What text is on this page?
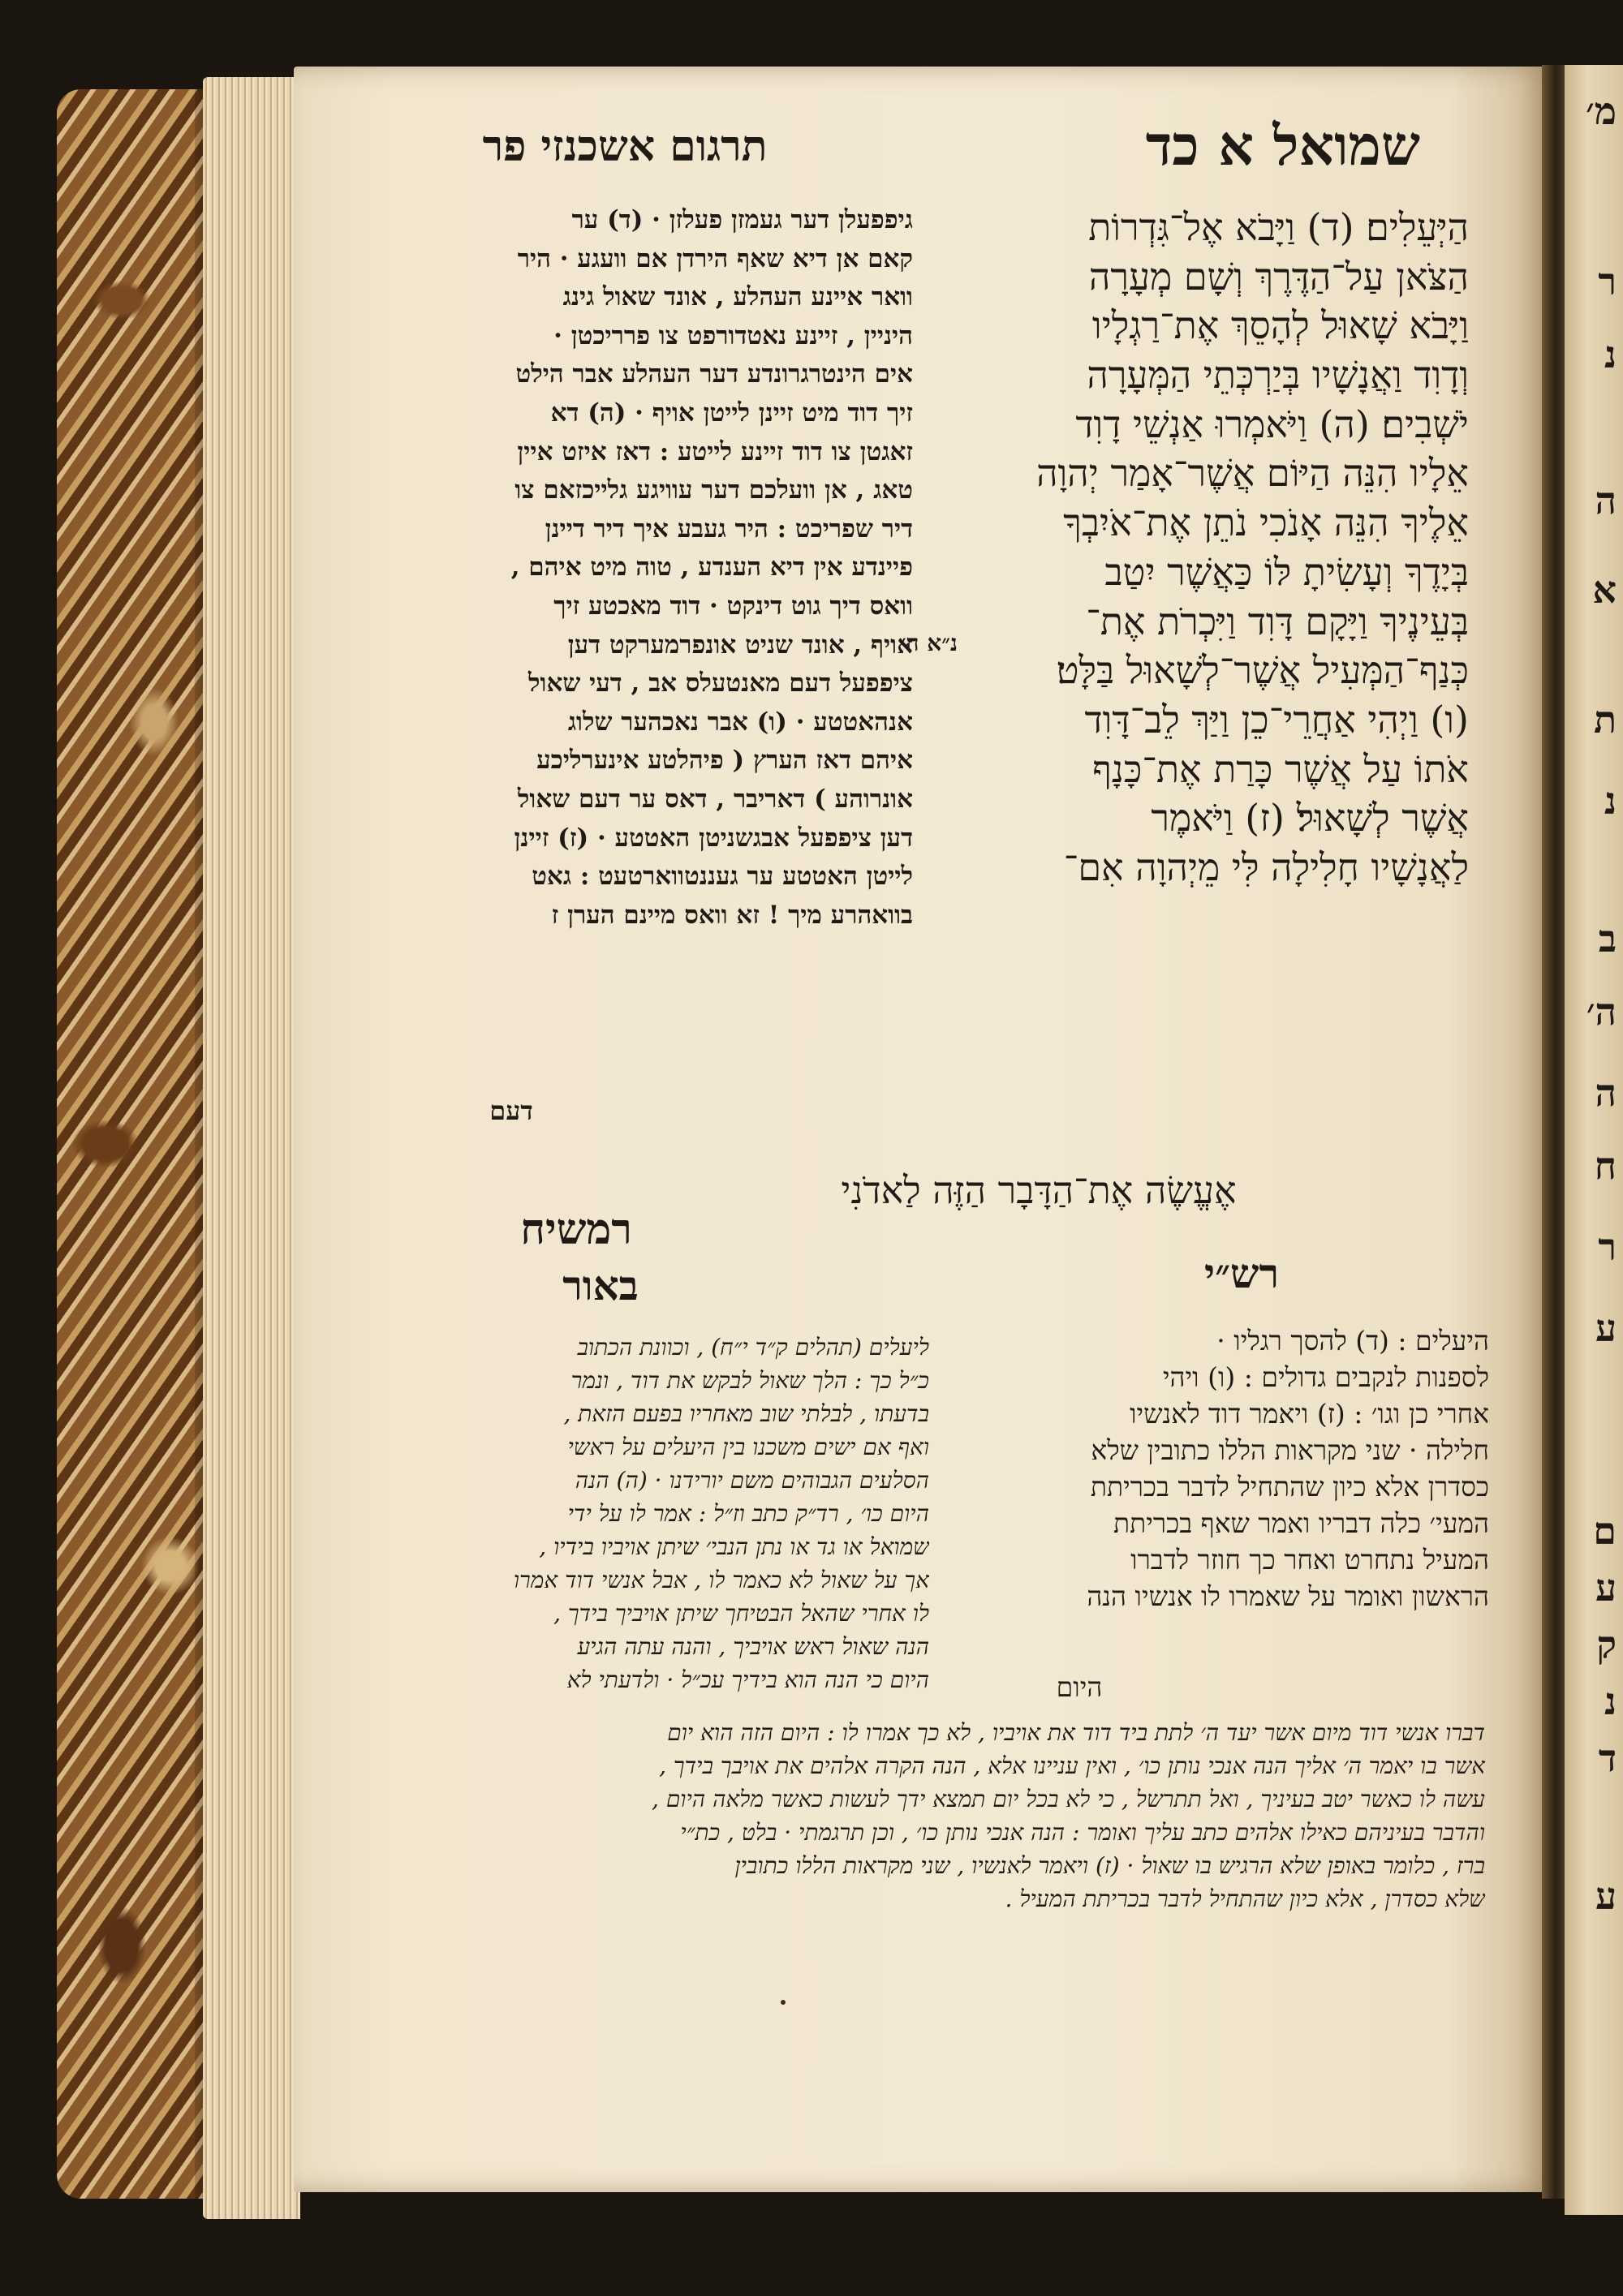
מ׳
ר
נ
ה
א
ת
נ
ב
ה׳
ה
ח
ר
ע
ם
ע
ק
נ
ד
ע
תרגום אשכנזי פר	שמואל א כד
הַיְּעֵלִים׃ (ד) וַיָּבֹא אֶל־גִּדְרוֹת
הַצֹּאן עַל־הַדֶּרֶךְ וְשָׁם מְעָרָה
וַיָּבֹא שָׁאוּל לְהָסֵךְ אֶת־רַגְלָיו
וְדָוִד וַאֲנָשָׁיו בְּיַרְכְּתֵי הַמְּעָרָה
יֹשְׁבִים׃ (ה) וַיֹּאמְרוּ אַנְשֵׁי דָוִד
אֵלָיו הִנֵּה הַיּוֹם אֲשֶׁר־אָמַר יְהוָה
אֵלֶיךָ הִנֵּה אָנֹכִי נֹתֵן אֶת־אֹיִבְךָ
בְּיָדֶךָ וְעָשִׂיתָ לּוֹ כַּאֲשֶׁר יִטַב
בְּעֵינֶיךָ וַיָּקָם דָּוִד וַיִּכְרֹת אֶת־
כְּנַף־הַמְּעִיל אֲשֶׁר־לְשָׁאוּל בַּלָּט׃
(ו) וַיְהִי אַחֲרֵי־כֵן וַיַּךְ לֵב־דָּוִד
אֹתוֹ עַל אֲשֶׁר כָּרַת אֶת־כָּנָף
אֲשֶׁר לְשָׁאוּל׃ (ז) וַיֹּאמֶר
לַאֲנָשָׁיו חָלִילָה לִּי מֵיְהוָה אִם־
אֶעֱשֶׂה אֶת־הַדָּבָר הַזֶּה לַאדֹנִי
נ״א ה׳
גיפפעלן דער געמזן פעלזן · (ד) ער
קאם אן דיא שאף הירדן אם וועגע · היר
וואר איינע העהלע , אונד שאול גינג
היניין , זיינע נאטדורפט צו פרריכטן ·
אים הינטרגרונדע דער העהלע אבר הילט
זיך דוד מיט זיינן לייטן אויף · (ה) דא
זאגטן צו דוד זיינע לייטע : דאז איזט איין
טאג , אן וועלכם דער עוויגע גלייכזאם צו
דיר שפריכט : היר געבע איך דיר דיינן
פיינדע אין דיא הענדע , טוה מיט איהם ,
וואס דיך גוט דינקט · דוד מאכטע זיך
אויף , אונד שניט אונפרמערקט דען
ציפפעל דעם מאנטעלס אב , דעי שאול
אנהאטטע · (ו) אבר נאכהער שלוג
איהם דאז הערץ ( פיהלטע אינערליכע
אונרוהע ) דאריבר , דאס ער דעם שאול
דען ציפפעל אבגשניטן האטטע · (ז) זיינן
לייטן האטטע ער געננטווארטעט : גאט
בוואהרע מיך ! זא וואס מיינם הערן ז
דעם
רמשיח
באור	רש״י
ליעלים (תהלים ק״ד י״ח) , וכוונת הכתוב
כ״ל כך : הלך שאול לבקש את דוד , ונמר
בדעתו , לבלתי שוב מאחריו בפעם הזאת ,
ואף אם ישים משכנו בין היעלים על ראשי
הסלעים הגבוהים משם יורידנו · (ה) הנה
היום כו׳ , רד״ק כתב וז״ל : אמר לו על ידי
שמואל או גד או נתן הנבי׳ שיתן אויביו בידיו ,
אך על שאול לא כאמר לו , אבל אנשי דוד אמרו
לו אחרי שהאל הבטיחך שיתן אויביך בידך ,
הנה שאול ראש אויביך , והנה עתה הגיע
היום כי הנה הוא בידיך עכ״ל · ולדעתי לא
היעלים : (ד) להסך רגליו ·
לספנות לנקבים גדולים : (ו) ויהי
אחרי כן וגו׳ : (ז) ויאמר דוד לאנשיו
חלילה · שני מקראות הללו כתובין שלא
כסדרן אלא כיון שהתחיל לדבר בכריתת
המעי׳ כלה דבריו ואמר שאף בכריתת
המעיל נתחרט ואחר כך חוזר לדברו
הראשון ואומר על שאמרו לו אנשיו הנה
היום
דברו אנשי דוד מיום אשר יעד ה׳ לתת ביד דוד את אויביו , לא כך אמרו לו : היום הזה הוא יום
אשר בו יאמר ה׳ אליך הנה אנכי נותן כו׳ , ואין עניינו אלא , הנה הקרה אלהים את אויבך בידך ,
עשה לו כאשר יטב בעיניך , ואל תתרשל , כי לא בכל יום תמצא ידך לעשות כאשר מלאה היום ,
והדבר בעיניהם כאילו אלהים כתב עליך ואומר : הנה אנכי נותן כו׳ , וכן תרגמתי · בלט , כת״י
ברז , כלומר באופן שלא הרגיש בו שאול · (ז) ויאמר לאנשיו , שני מקראות הללו כתובין
שלא כסדרן , אלא כיון שהתחיל לדבר בכריתת המעיל .
